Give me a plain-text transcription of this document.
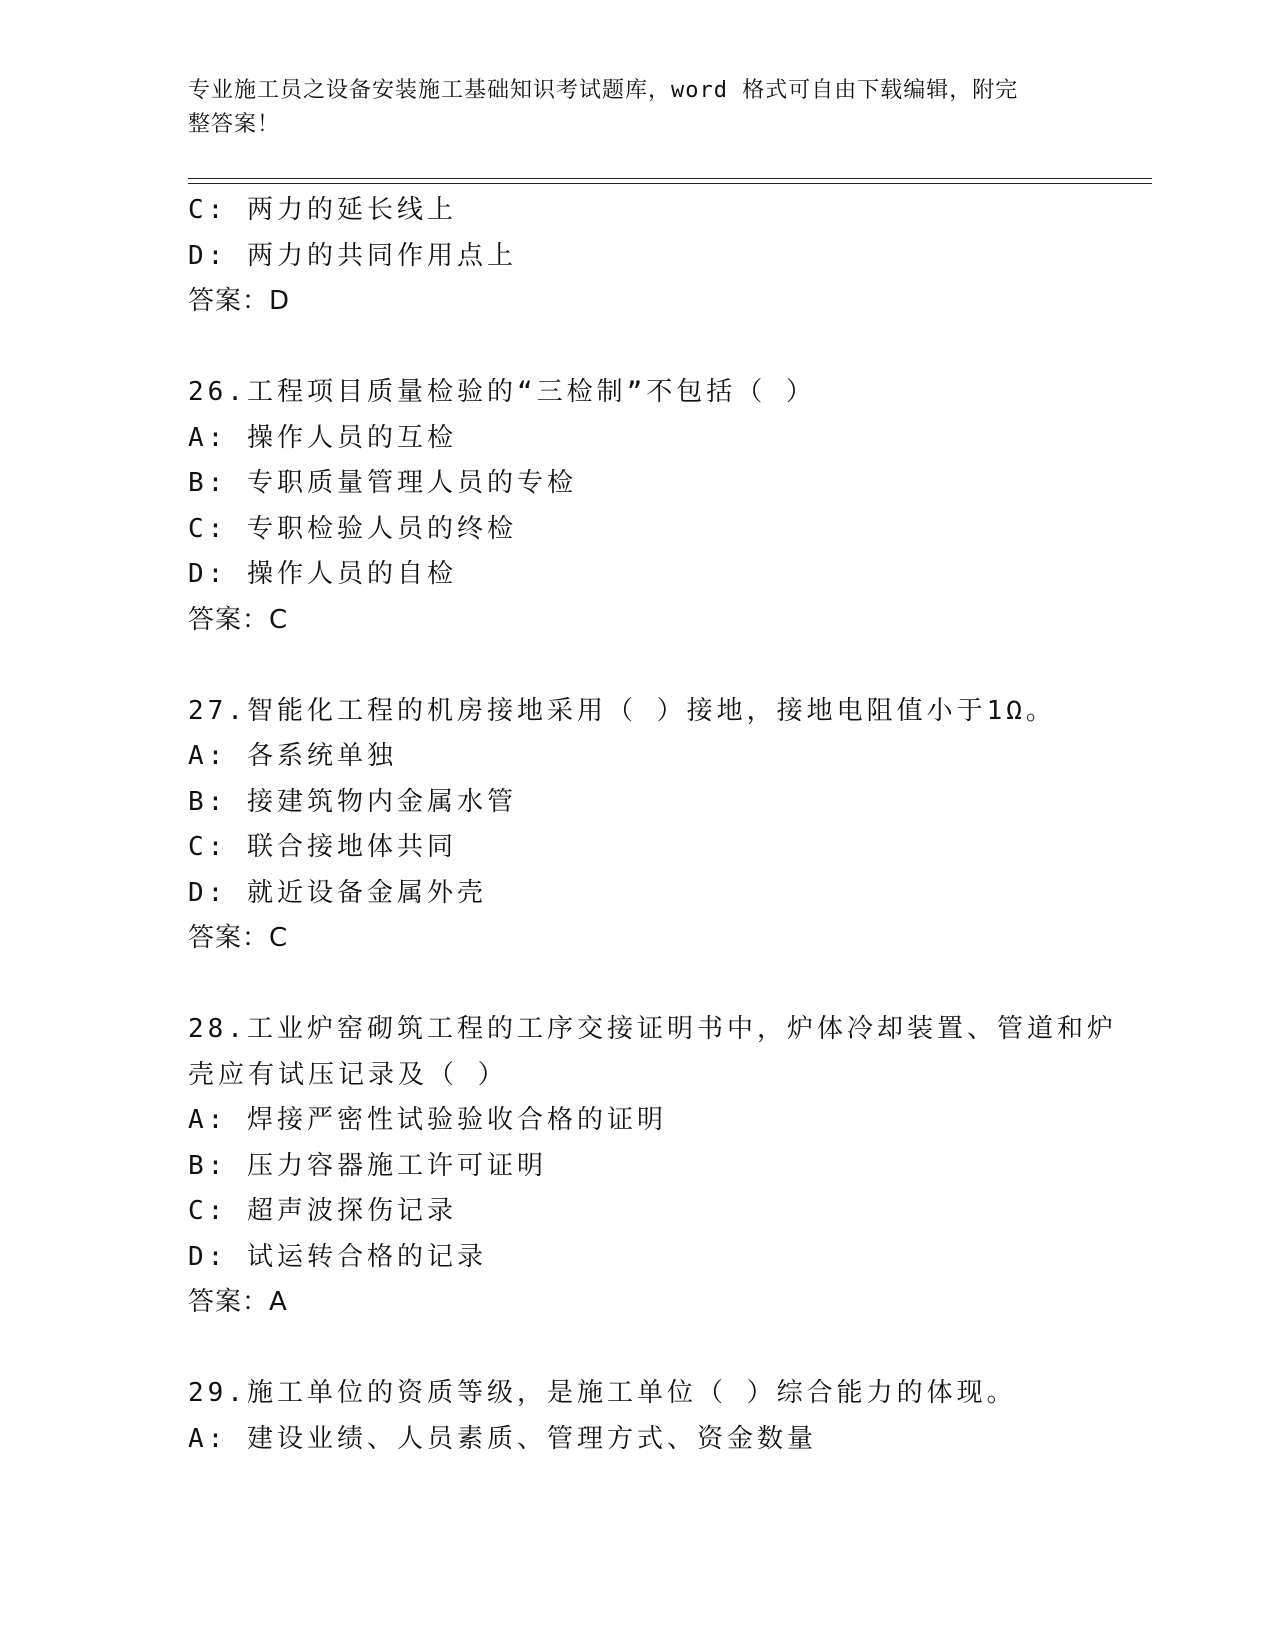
专业施工员之设备安装施工基础知识考试题库，word 格式可自由下载编辑，附完
整答案！
C: 两力的延长线上
D: 两力的共同作用点上
答案：D
26.工程项目质量检验的“三检制”不包括（ ）
A: 操作人员的互检
B: 专职质量管理人员的专检
C: 专职检验人员的终检
D: 操作人员的自检
答案：C
27.智能化工程的机房接地采用（ ）接地，接地电阻值小于1Ω。
A: 各系统单独
B: 接建筑物内金属水管
C: 联合接地体共同
D: 就近设备金属外壳
答案：C
28.工业炉窑砌筑工程的工序交接证明书中，炉体冷却装置、管道和炉
壳应有试压记录及（ ）
A: 焊接严密性试验验收合格的证明
B: 压力容器施工许可证明
C: 超声波探伤记录
D: 试运转合格的记录
答案：A
29.施工单位的资质等级，是施工单位（ ）综合能力的体现。
A: 建设业绩、人员素质、管理方式、资金数量
